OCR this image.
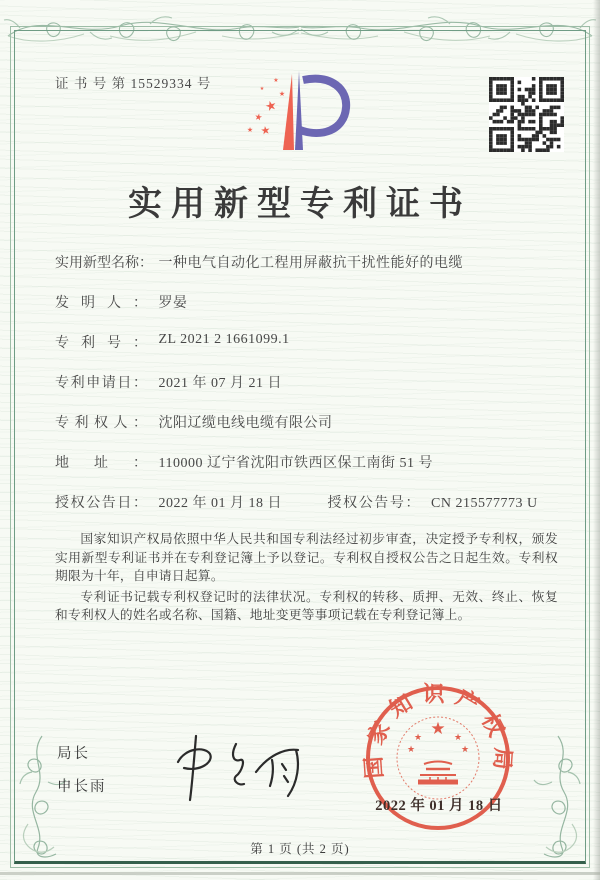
证 书 号 第 15529334 号
★
★
★
★
★
★
★
实用新型专利证书
实用新型名称： 一种电气自动化工程用屏蔽抗干扰性能好的电缆
发明人： 罗晏
专利号： ZL 2021 2 1661099.1
专利申请日： 2021 年 07 月 21 日
专利权人： 沈阳辽缆电线电缆有限公司
地址： 110000 辽宁省沈阳市铁西区保工南街 51 号
授权公告日： 2022 年 01 月 18 日	授权公告号： CN 215577773 U

国家知识产权局依照中华人民共和国专利法经过初步审查，决定授予专利权，颁发实用新型专利证书并在专利登记簿上予以登记。专利权自授权公告之日起生效。专利权期限为十年，自申请日起算。

专利证书记载专利权登记时的法律状况。专利权的转移、质押、无效、终止、恢复和专利权人的姓名或名称、国籍、地址变更等事项记载在专利登记簿上。

局长
申长雨
国家知识产权局
★
★	★
★	★
2022 年 01 月 18 日
第 1 页 (共 2 页)
